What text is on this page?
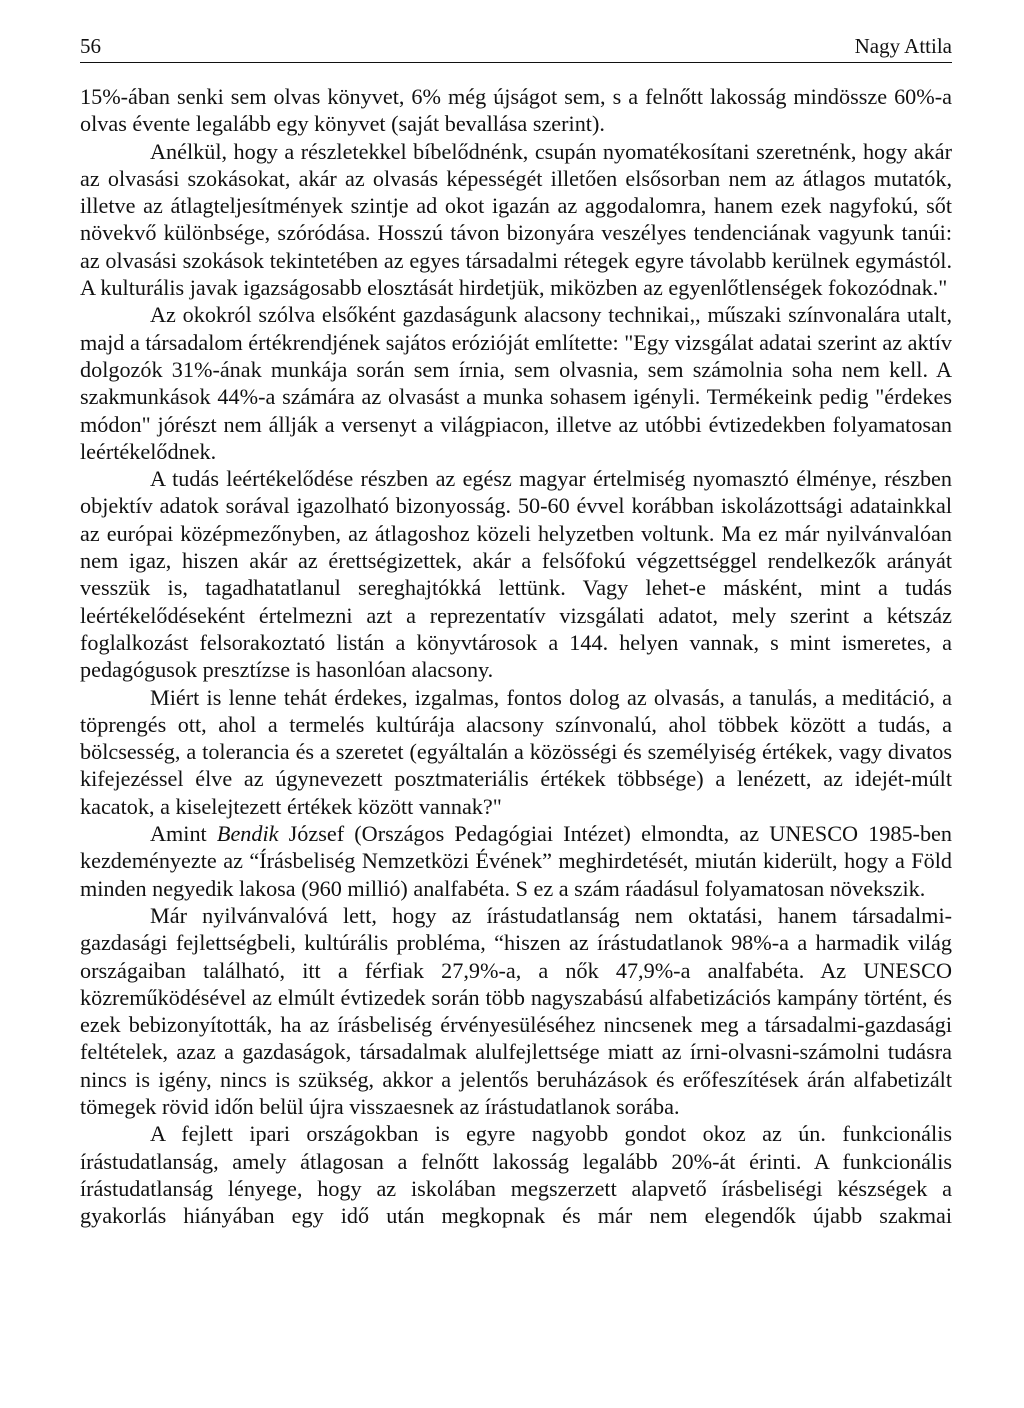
56	Nagy Attila

15%-ában senki sem olvas könyvet, 6% még újságot sem, s a felnőtt lakosság mindössze 60%-a olvas évente legalább egy könyvet (saját bevallása szerint).

Anélkül, hogy a részletekkel bíbelődnénk, csupán nyomatékosítani szeretnénk, hogy akár az olvasási szokásokat, akár az olvasás képességét illetően elsősorban nem az átlagos mutatók, illetve az átlagteljesítmények szintje ad okot igazán az aggodalomra, hanem ezek nagyfokú, sőt növekvő különbsége, szóródása. Hosszú távon bizonyára veszélyes tendenciának vagyunk tanúi: az olvasási szokások tekintetében az egyes társadalmi rétegek egyre távolabb kerülnek egymástól. A kulturális javak igazságosabb elosztását hirdetjük, miközben az egyenlőtlenségek fokozódnak."

Az okokról szólva elsőként gazdaságunk alacsony technikai,, műszaki színvonalára utalt, majd a társadalom értékrendjének sajátos erózióját említette: "Egy vizsgálat adatai szerint az aktív dolgozók 31%-ának munkája során sem írnia, sem olvasnia, sem számolnia soha nem kell. A szakmunkások 44%-a számára az olvasást a munka sohasem igényli. Termékeink pedig "érdekes módon" jórészt nem állják a versenyt a világpiacon, illetve az utóbbi évtizedekben folyamatosan leértékelődnek.

A tudás leértékelődése részben az egész magyar értelmiség nyomasztó élménye, részben objektív adatok sorával igazolható bizonyosság. 50-60 évvel korábban iskolázottsági adatainkkal az európai középmezőnyben, az átlagoshoz közeli helyzetben voltunk. Ma ez már nyilvánvalóan nem igaz, hiszen akár az érettségizettek, akár a felsőfokú végzettséggel rendelkezők arányát vesszük is, tagadhatatlanul sereghajtókká lettünk. Vagy lehet-e másként, mint a tudás leértékelődéseként értelmezni azt a reprezentatív vizsgálati adatot, mely szerint a kétszáz foglalkozást felsorakoztató listán a könyvtárosok a 144. helyen vannak, s mint ismeretes, a pedagógusok presztízse is hasonlóan alacsony.

Miért is lenne tehát érdekes, izgalmas, fontos dolog az olvasás, a tanulás, a meditáció, a töprengés ott, ahol a termelés kultúrája alacsony színvonalú, ahol többek között a tudás, a bölcsesség, a tolerancia és a szeretet (egyáltalán a közösségi és személyiség értékek, vagy divatos kifejezéssel élve az úgynevezett posztmateriális értékek többsége) a lenézett, az idejét-múlt kacatok, a kiselejtezett értékek között vannak?"

Amint Bendik József (Országos Pedagógiai Intézet) elmondta, az UNESCO 1985-ben kezdeményezte az “Írásbeliség Nemzetközi Évének” meghirdetését, miután kiderült, hogy a Föld minden negyedik lakosa (960 millió) analfabéta. S ez a szám ráadásul folyamatosan növekszik.

Már nyilvánvalóvá lett, hogy az írástudatlanság nem oktatási, hanem társadalmi-gazdasági fejlettségbeli, kultúrális probléma, “hiszen az írástudatlanok 98%-a a harmadik világ országaiban található, itt a férfiak 27,9%-a, a nők 47,9%-a analfabéta. Az UNESCO közreműködésével az elmúlt évtizedek során több nagyszabású alfabetizációs kampány történt, és ezek bebizonyították, ha az írásbeliség érvényesüléséhez nincsenek meg a társadalmi-gazdasági feltételek, azaz a gazdaságok, társadalmak alulfejlettsége miatt az írni-olvasni-számolni tudásra nincs is igény, nincs is szükség, akkor a jelentős beruházások és erőfeszítések árán alfabetizált tömegek rövid időn belül újra visszaesnek az írástudatlanok sorába.

A fejlett ipari országokban is egyre nagyobb gondot okoz az ún. funkcionális írástudatlanság, amely átlagosan a felnőtt lakosság legalább 20%-át érinti. A funkcionális írástudatlanság lényege, hogy az iskolában megszerzett alapvető írásbeliségi készségek a gyakorlás hiányában egy idő után megkopnak és már nem elegendők újabb szakmai
